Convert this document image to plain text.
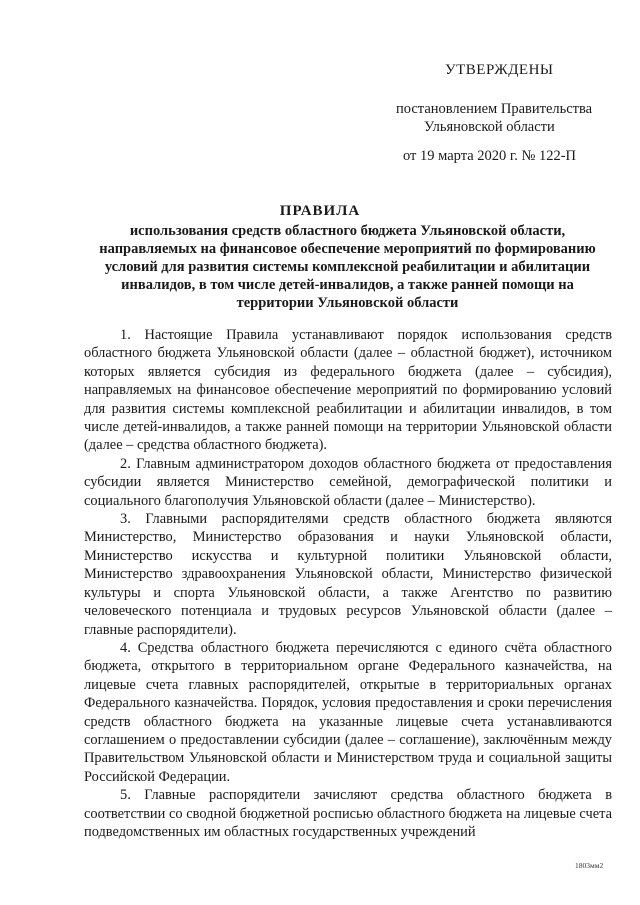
УТВЕРЖДЕНЫ
постановлением Правительства
Ульяновской области
от 19 марта 2020 г. № 122-П
ПРАВИЛА
использования средств областного бюджета Ульяновской области, направляемых на финансовое обеспечение мероприятий по формированию условий для развития системы комплексной реабилитации и абилитации инвалидов, в том числе детей-инвалидов, а также ранней помощи на территории Ульяновской области

1. Настоящие Правила устанавливают порядок использования средств областного бюджета Ульяновской области (далее – областной бюджет), источником которых является субсидия из федерального бюджета (далее – субсидия), направляемых на финансовое обеспечение мероприятий по формированию условий для развития системы комплексной реабилитации и абилитации инвалидов, в том числе детей-инвалидов, а также ранней помощи на территории Ульяновской области (далее – средства областного бюджета).

2. Главным администратором доходов областного бюджета от предоставления субсидии является Министерство семейной, демографической политики и социального благополучия Ульяновской области (далее – Министерство).

3. Главными распорядителями средств областного бюджета являются Министерство, Министерство образования и науки Ульяновской области, Министерство искусства и культурной политики Ульяновской области, Министерство здравоохранения Ульяновской области, Министерство физической культуры и спорта Ульяновской области, а также Агентство по развитию человеческого потенциала и трудовых ресурсов Ульяновской области (далее – главные распорядители).

4. Средства областного бюджета перечисляются с единого счёта областного бюджета, открытого в территориальном органе Федерального казначейства, на лицевые счета главных распорядителей, открытые в территориальных органах Федерального казначейства. Порядок, условия предоставления и сроки перечисления средств областного бюджета на указанные лицевые счета устанавливаются соглашением о предоставлении субсидии (далее – соглашение), заключённым между Правительством Ульяновской области и Министерством труда и социальной защиты Российской Федерации.

5. Главные распорядители зачисляют средства областного бюджета в соответствии со сводной бюджетной росписью областного бюджета на лицевые счета подведомственных им областных государственных учреждений

1803мм2
